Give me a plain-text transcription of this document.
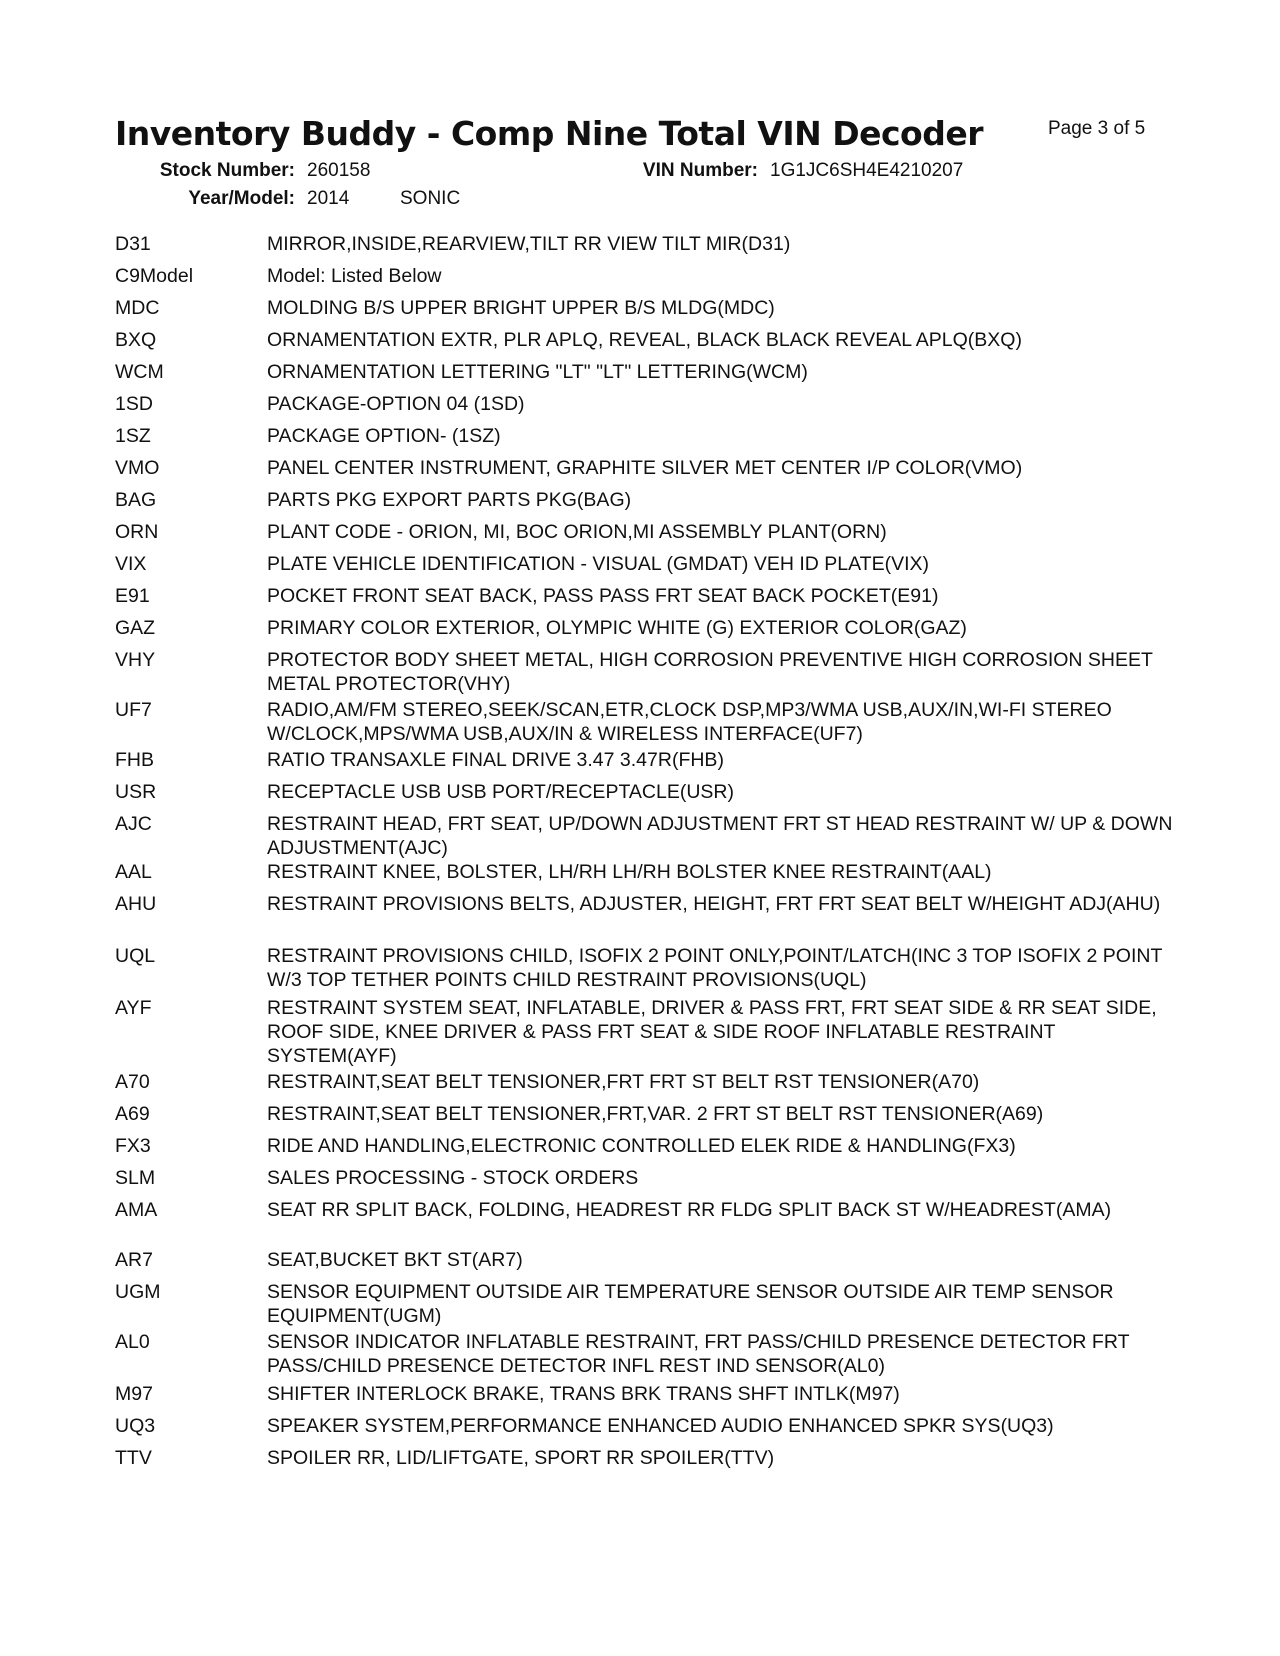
Inventory Buddy - Comp Nine Total VIN Decoder	Page 3 of 5
Stock Number: 260158	VIN Number: 1G1JC6SH4E4210207
Year/Model: 2014	SONIC
D31	MIRROR,INSIDE,REARVIEW,TILT RR VIEW TILT MIR(D31)
C9Model	Model: Listed Below
MDC	MOLDING B/S UPPER BRIGHT UPPER B/S MLDG(MDC)
BXQ	ORNAMENTATION EXTR, PLR APLQ, REVEAL, BLACK BLACK REVEAL APLQ(BXQ)
WCM	ORNAMENTATION LETTERING "LT" "LT" LETTERING(WCM)
1SD	PACKAGE-OPTION 04 (1SD)
1SZ	PACKAGE OPTION- (1SZ)
VMO	PANEL CENTER INSTRUMENT, GRAPHITE SILVER MET CENTER I/P COLOR(VMO)
BAG	PARTS PKG EXPORT PARTS PKG(BAG)
ORN	PLANT CODE - ORION, MI, BOC ORION,MI ASSEMBLY PLANT(ORN)
VIX	PLATE VEHICLE IDENTIFICATION - VISUAL (GMDAT) VEH ID PLATE(VIX)
E91	POCKET FRONT SEAT BACK, PASS PASS FRT SEAT BACK POCKET(E91)
GAZ	PRIMARY COLOR EXTERIOR, OLYMPIC WHITE (G) EXTERIOR COLOR(GAZ)
VHY	PROTECTOR BODY SHEET METAL, HIGH CORROSION PREVENTIVE HIGH CORROSION SHEET METAL PROTECTOR(VHY)
UF7	RADIO,AM/FM STEREO,SEEK/SCAN,ETR,CLOCK DSP,MP3/WMA USB,AUX/IN,WI-FI STEREO W/CLOCK,MPS/WMA USB,AUX/IN & WIRELESS INTERFACE(UF7)
FHB	RATIO TRANSAXLE FINAL DRIVE 3.47 3.47R(FHB)
USR	RECEPTACLE USB USB PORT/RECEPTACLE(USR)
AJC	RESTRAINT HEAD, FRT SEAT, UP/DOWN ADJUSTMENT FRT ST HEAD RESTRAINT W/ UP & DOWN ADJUSTMENT(AJC)
AAL	RESTRAINT KNEE, BOLSTER, LH/RH LH/RH BOLSTER KNEE RESTRAINT(AAL)
AHU	RESTRAINT PROVISIONS BELTS, ADJUSTER, HEIGHT, FRT FRT SEAT BELT W/HEIGHT ADJ(AHU)
UQL	RESTRAINT PROVISIONS CHILD, ISOFIX 2 POINT ONLY,POINT/LATCH(INC 3 TOP ISOFIX 2 POINT W/3 TOP TETHER POINTS CHILD RESTRAINT PROVISIONS(UQL)
AYF	RESTRAINT SYSTEM SEAT, INFLATABLE, DRIVER & PASS FRT, FRT SEAT SIDE & RR SEAT SIDE, ROOF SIDE, KNEE DRIVER & PASS FRT SEAT & SIDE ROOF INFLATABLE RESTRAINT SYSTEM(AYF)
A70	RESTRAINT,SEAT BELT TENSIONER,FRT FRT ST BELT RST TENSIONER(A70)
A69	RESTRAINT,SEAT BELT TENSIONER,FRT,VAR. 2 FRT ST BELT RST TENSIONER(A69)
FX3	RIDE AND HANDLING,ELECTRONIC CONTROLLED ELEK RIDE & HANDLING(FX3)
SLM	SALES PROCESSING - STOCK ORDERS
AMA	SEAT RR SPLIT BACK, FOLDING, HEADREST RR FLDG SPLIT BACK ST W/HEADREST(AMA)
AR7	SEAT,BUCKET BKT ST(AR7)
UGM	SENSOR EQUIPMENT OUTSIDE AIR TEMPERATURE SENSOR OUTSIDE AIR TEMP SENSOR EQUIPMENT(UGM)
AL0	SENSOR INDICATOR INFLATABLE RESTRAINT, FRT PASS/CHILD PRESENCE DETECTOR FRT PASS/CHILD PRESENCE DETECTOR INFL REST IND SENSOR(AL0)
M97	SHIFTER INTERLOCK BRAKE, TRANS BRK TRANS SHFT INTLK(M97)
UQ3	SPEAKER SYSTEM,PERFORMANCE ENHANCED AUDIO ENHANCED SPKR SYS(UQ3)
TTV	SPOILER RR, LID/LIFTGATE, SPORT RR SPOILER(TTV)
